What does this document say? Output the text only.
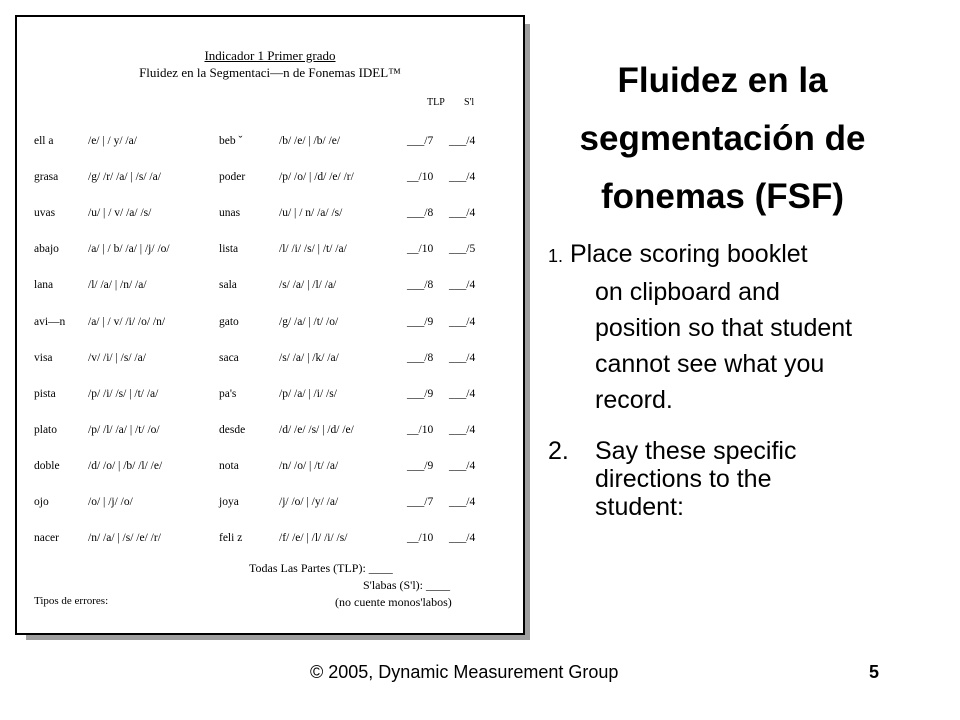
Indicador 1 Primer grado
Fluidez en la Segmentaci—n de Fonemas IDEL™
TLP S'l
ell a	/e/ | / y/ /a/	beb ˇ	/b/ /e/ | /b/ /e/	___/7 ___/4
grasa	/g/ /r/ /a/ | /s/ /a/	poder	/p/ /o/ | /d/ /e/ /r/	__/10 ___/4
uvas	/u/ | / v/ /a/ /s/	unas	/u/ | / n/ /a/ /s/	___/8 ___/4
abajo	/a/ | / b/ /a/ | /j/ /o/	lista	/l/ /i/ /s/ | /t/ /a/	__/10 ___/5
lana	/l/ /a/ | /n/ /a/	sala	/s/ /a/ | /l/ /a/	___/8 ___/4
avi—n /a/ | / v/ /i/ /o/ /n/	gato	/g/ /a/ | /t/ /o/	___/9 ___/4
visa	/v/ /i/ | /s/ /a/	saca	/s/ /a/ | /k/ /a/	___/8 ___/4
pista	/p/ /i/ /s/ | /t/ /a/	pa's	/p/ /a/ | /i/ /s/	___/9 ___/4
plato	/p/ /l/ /a/ | /t/ /o/	desde	/d/ /e/ /s/ | /d/ /e/	__/10 ___/4
doble /d/ /o/ | /b/ /l/ /e/	nota	/n/ /o/ | /t/ /a/	___/9 ___/4
ojo	/o/ | /j/ /o/	joya	/j/ /o/ | /y/ /a/	___/7 ___/4
nacer	/n/ /a/ | /s/ /e/ /r/	feli z	/f/ /e/ | /l/ /i/ /s/	__/10 ___/4
Todas Las Partes (TLP): ____
S'labas (S'l): ____
(no cuente monos'labos)
Tipos de errores:
Fluidez en la
segmentación de
fonemas (FSF)
1. Place scoring booklet
on clipboard and
position so that student
cannot see what you
record.
2. Say these specific
directions to the
student:
© 2005, Dynamic Measurement Group	5
